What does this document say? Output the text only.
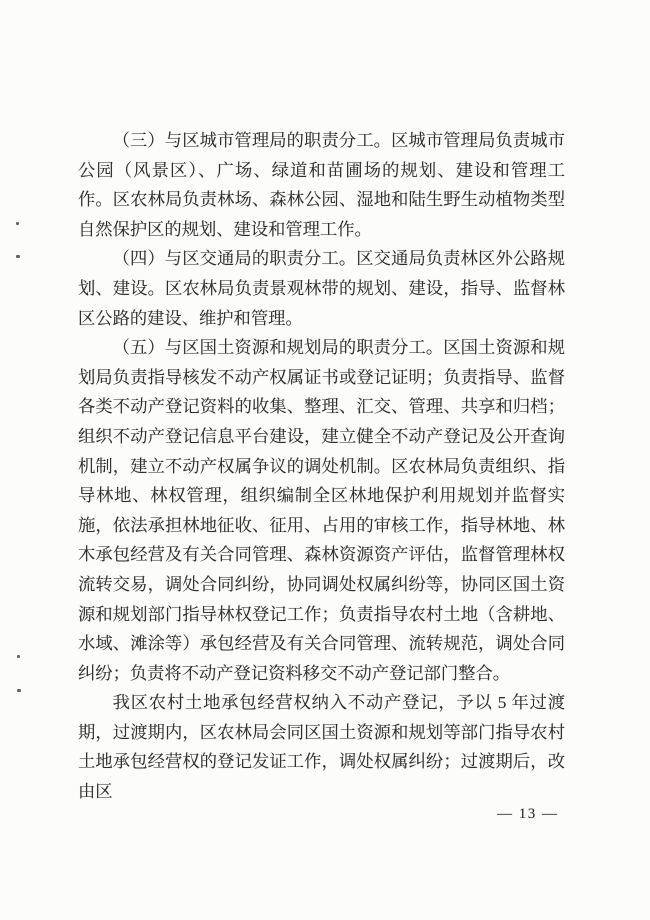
（三）与区城市管理局的职责分工。区城市管理局负责城市公园（风景区）、广场、绿道和苗圃场的规划、建设和管理工作。区农林局负责林场、森林公园、湿地和陆生野生动植物类型自然保护区的规划、建设和管理工作。

（四）与区交通局的职责分工。区交通局负责林区外公路规划、建设。区农林局负责景观林带的规划、建设，指导、监督林区公路的建设、维护和管理。

（五）与区国土资源和规划局的职责分工。区国土资源和规划局负责指导核发不动产权属证书或登记证明；负责指导、监督各类不动产登记资料的收集、整理、汇交、管理、共享和归档；组织不动产登记信息平台建设，建立健全不动产登记及公开查询机制，建立不动产权属争议的调处机制。区农林局负责组织、指导林地、林权管理，组织编制全区林地保护利用规划并监督实施，依法承担林地征收、征用、占用的审核工作，指导林地、林木承包经营及有关合同管理、森林资源资产评估，监督管理林权流转交易，调处合同纠纷，协同调处权属纠纷等，协同区国土资源和规划部门指导林权登记工作；负责指导农村土地（含耕地、水域、滩涂等）承包经营及有关合同管理、流转规范，调处合同纠纷；负责将不动产登记资料移交不动产登记部门整合。

我区农村土地承包经营权纳入不动产登记，予以 5 年过渡期，过渡期内，区农林局会同区国土资源和规划等部门指导农村土地承包经营权的登记发证工作，调处权属纠纷；过渡期后，改由区

— 13 —
